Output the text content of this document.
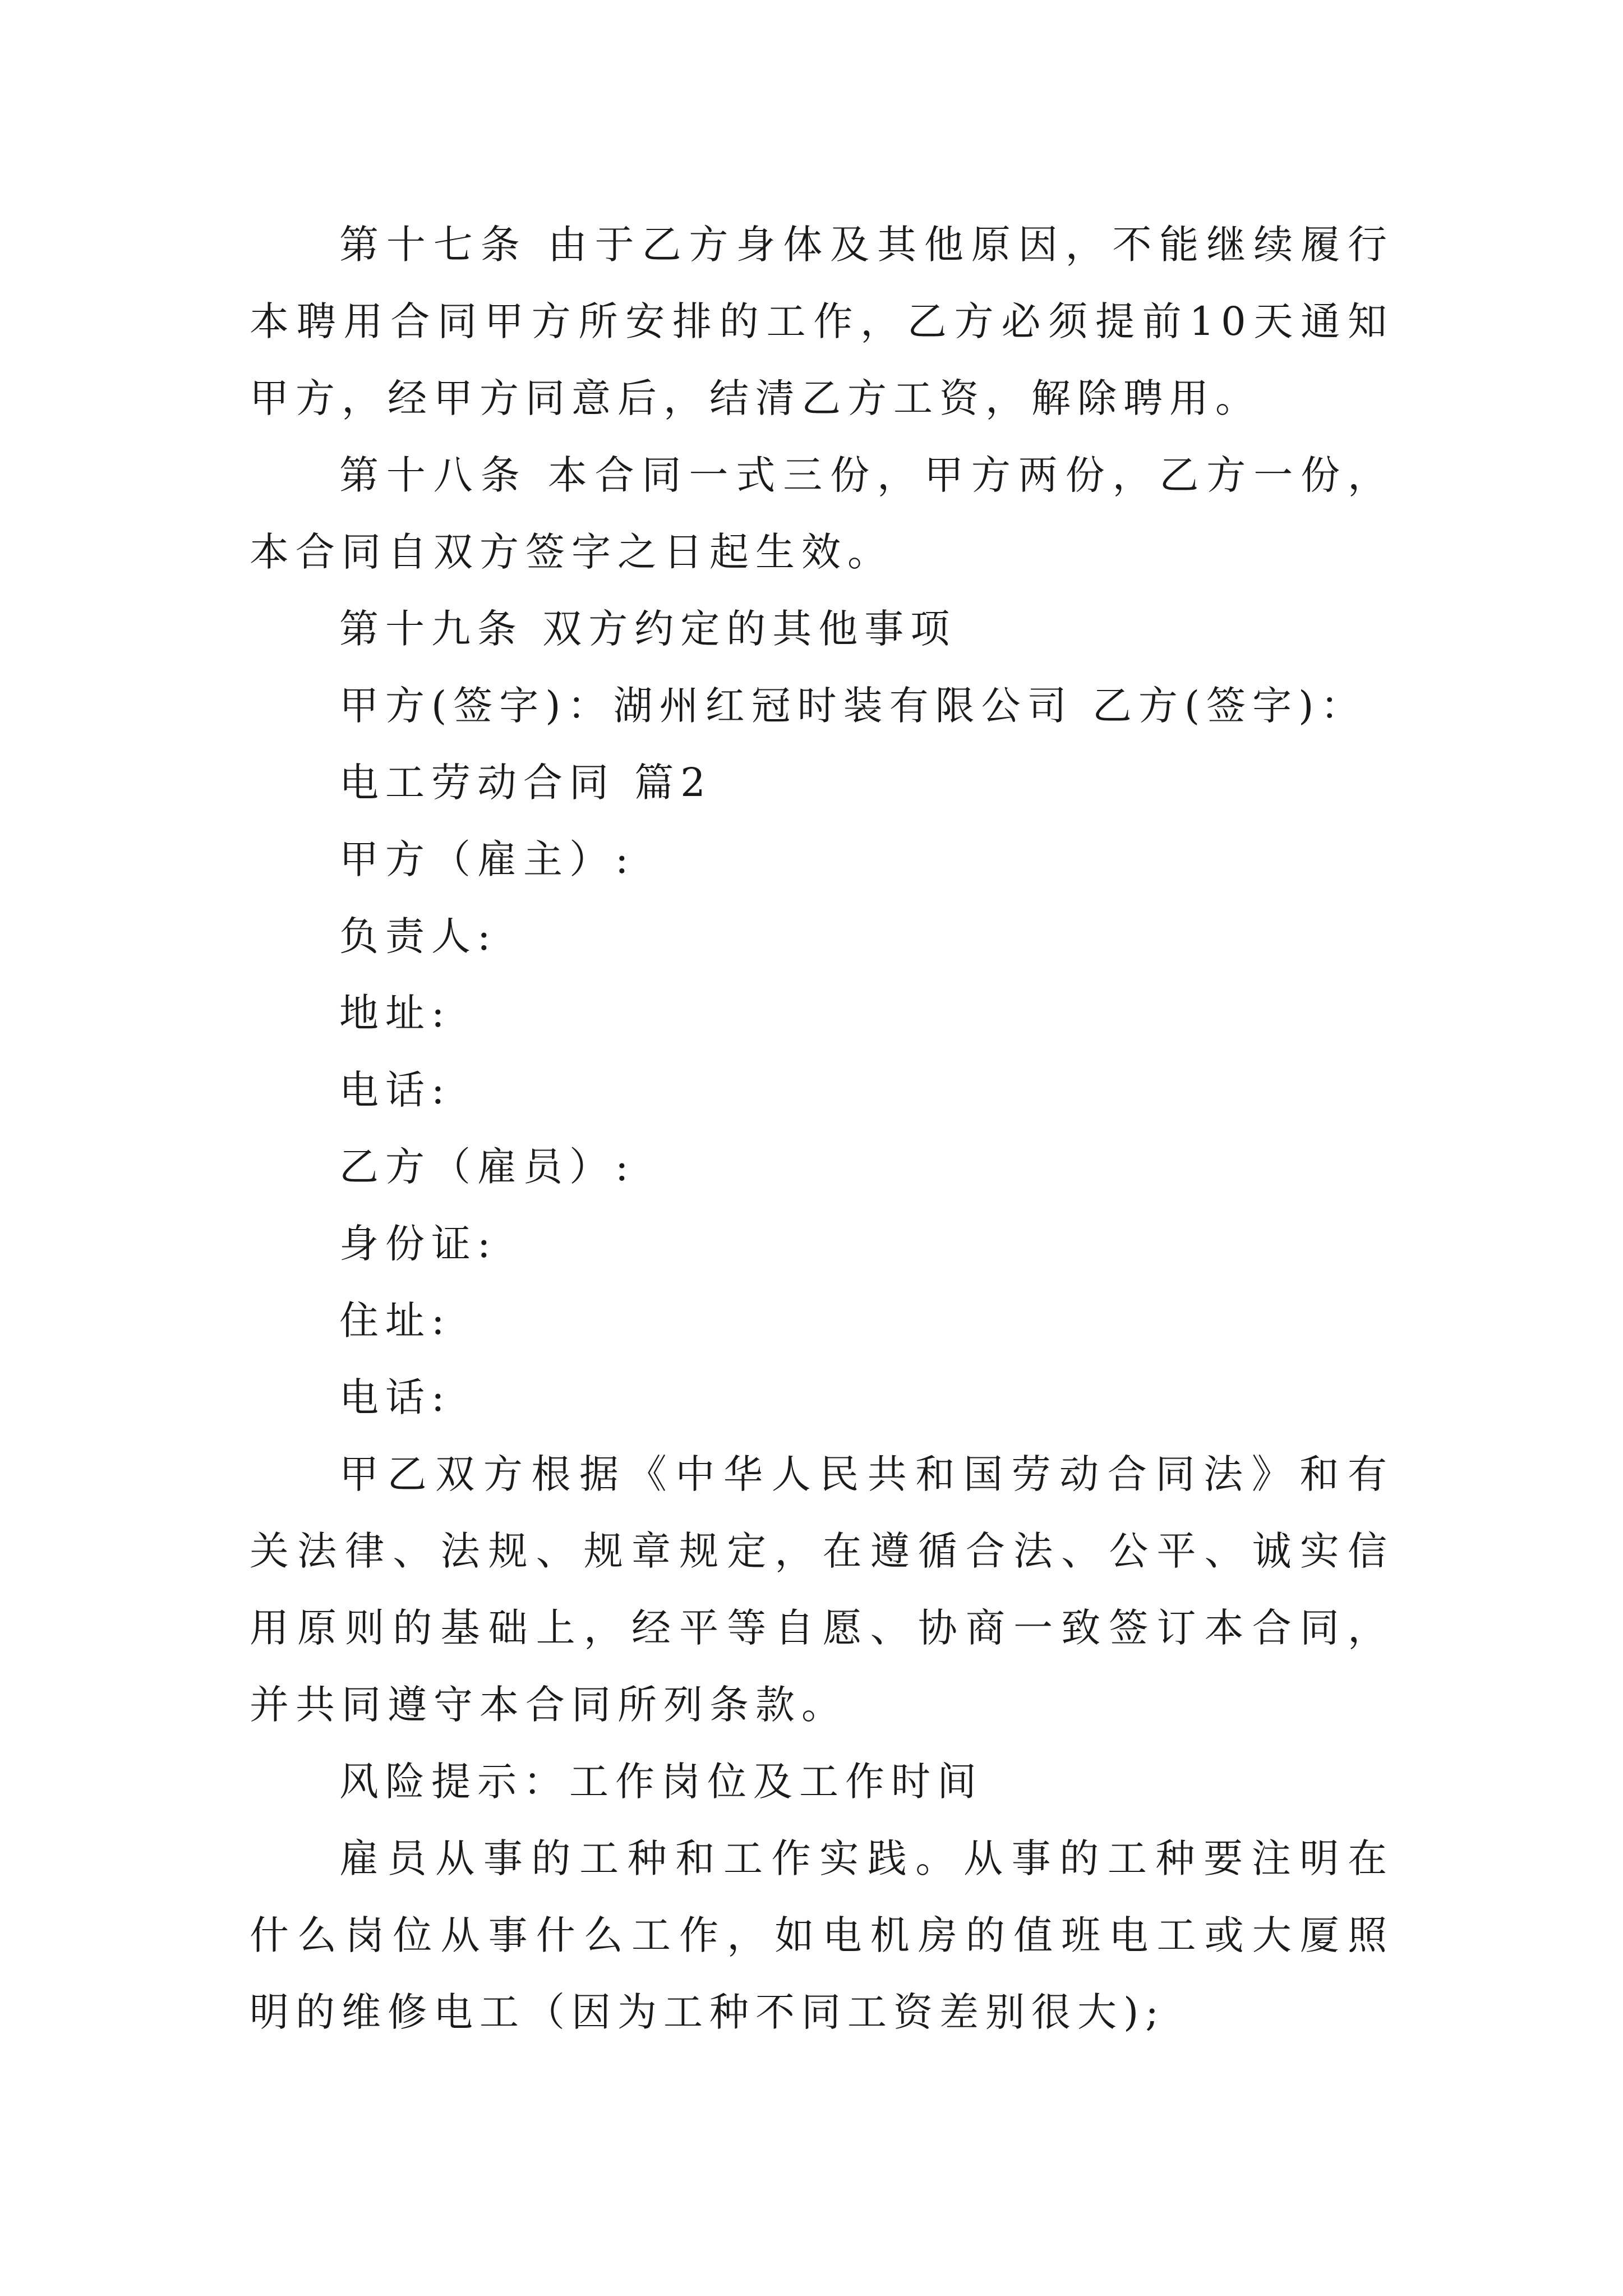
第十七条 由于乙方身体及其他原因，不能继续履行本聘用合同甲方所安排的工作，乙方必须提前10天通知甲方，经甲方同意后，结清乙方工资，解除聘用。

第十八条 本合同一式三份，甲方两份，乙方一份，本合同自双方签字之日起生效。

第十九条 双方约定的其他事项

甲方(签字)：湖州红冠时装有限公司 乙方(签字)：

电工劳动合同 篇2

甲方（雇主）:

负责人:

地址:

电话:

乙方（雇员）:

身份证:

住址:

电话:

甲乙双方根据《中华人民共和国劳动合同法》和有关法律、法规、规章规定，在遵循合法、公平、诚实信用原则的基础上，经平等自愿、协商一致签订本合同，并共同遵守本合同所列条款。

风险提示：工作岗位及工作时间

雇员从事的工种和工作实践。从事的工种要注明在什么岗位从事什么工作，如电机房的值班电工或大厦照明的维修电工（因为工种不同工资差别很大);
